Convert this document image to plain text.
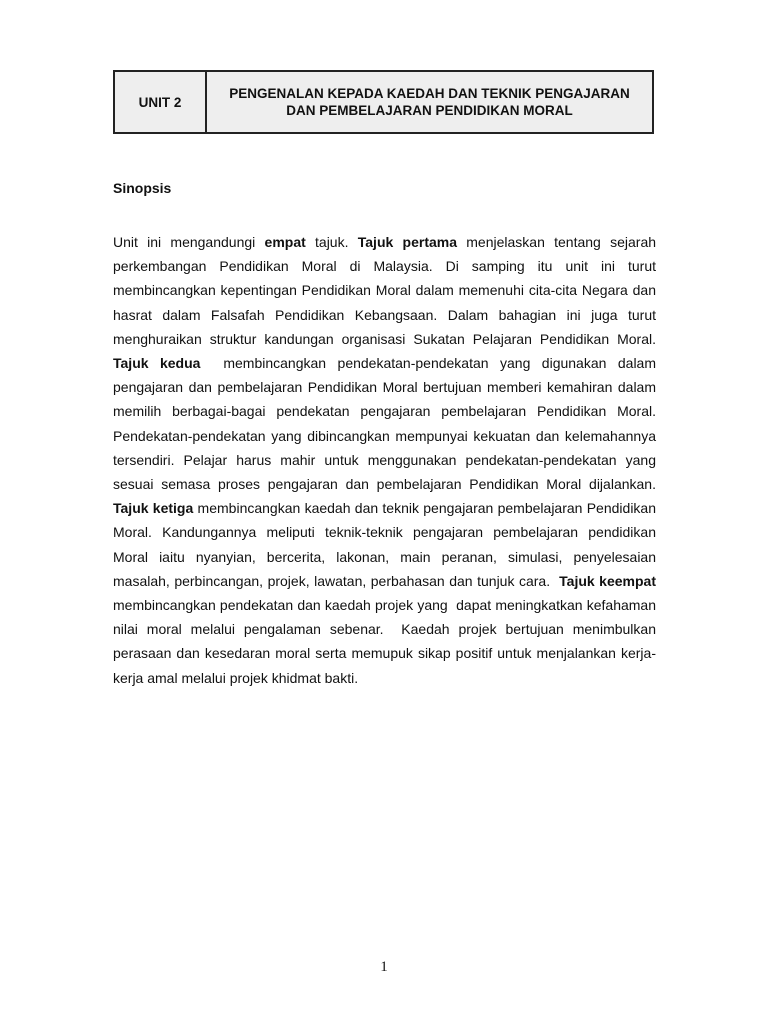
UNIT 2
PENGENALAN KEPADA KAEDAH DAN TEKNIK PENGAJARAN
DAN PEMBELAJARAN PENDIDIKAN MORAL
Sinopsis

Unit ini mengandungi empat tajuk. Tajuk pertama menjelaskan tentang sejarah perkembangan Pendidikan Moral di Malaysia. Di samping itu unit ini turut membincangkan kepentingan Pendidikan Moral dalam memenuhi cita-cita Negara dan hasrat dalam Falsafah Pendidikan Kebangsaan. Dalam bahagian ini juga turut menghuraikan struktur kandungan organisasi Sukatan Pelajaran Pendidikan Moral. Tajuk kedua  membincangkan pendekatan-pendekatan yang digunakan dalam pengajaran dan pembelajaran Pendidikan Moral bertujuan memberi kemahiran dalam memilih berbagai-bagai pendekatan pengajaran pembelajaran Pendidikan Moral. Pendekatan-pendekatan yang dibincangkan mempunyai kekuatan dan kelemahannya tersendiri. Pelajar harus mahir untuk menggunakan pendekatan-pendekatan yang sesuai semasa proses pengajaran dan pembelajaran Pendidikan Moral dijalankan. Tajuk ketiga membincangkan kaedah dan teknik pengajaran pembelajaran Pendidikan Moral. Kandungannya meliputi teknik-teknik pengajaran pembelajaran pendidikan Moral iaitu nyanyian, bercerita, lakonan, main peranan, simulasi, penyelesaian masalah, perbincangan, projek, lawatan, perbahasan dan tunjuk cara.  Tajuk keempat membincangkan pendekatan dan kaedah projek yang  dapat meningkatkan kefahaman nilai moral melalui pengalaman sebenar.  Kaedah projek bertujuan menimbulkan perasaan dan kesedaran moral serta memupuk sikap positif untuk menjalankan kerja-kerja amal melalui projek khidmat bakti.

1
